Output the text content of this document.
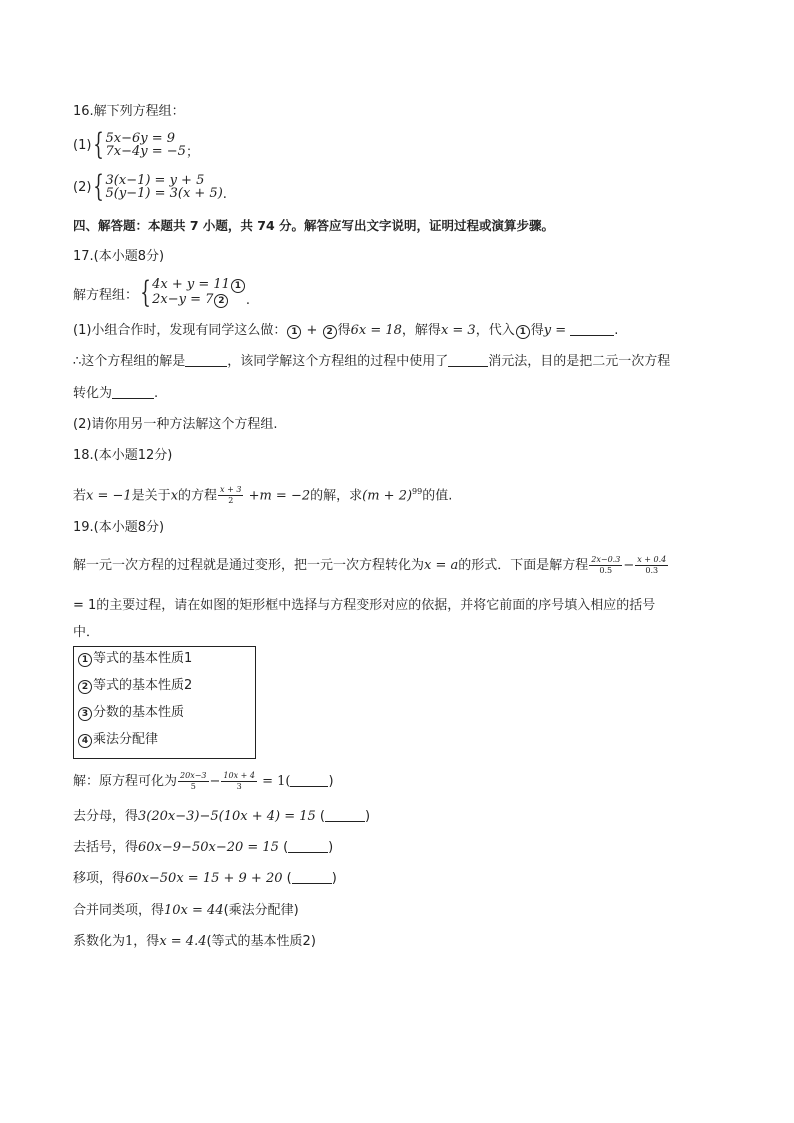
16.解下列方程组：
(1) { 5x−6y = 9
7x−4y = −5 ；
(2) { 3(x−1) = y + 5
5(y−1) = 3(x + 5) .
四、解答题：本题共 7 小题，共 74 分。解答应写出文字说明，证明过程或演算步骤。
17.(本小题8分)
解方程组： { 4x + y = 11 1
2x−y = 7 2	.
(1)小组合作时，发现有同学这么做： 1 + 2 得6x = 18，解得x = 3，代入 1 得y =	.
∴这个方程组的解是	，该同学解这个方程组的过程中使用了	消元法，目的是把二元一次方程
转化为	.
(2)请你用另一种方法解这个方程组.
18.(本小题12分)
若x = −1是关于x的方程 $\frac{x + 3}{2} +m = -2$的解，求$(m + 2)^{99}$的值.
19.(本小题8分)
解一元一次方程的过程就是通过变形，把一元一次方程转化为x = a的形式．下面是解方程 $\frac{2x-0.3}{0.5} - \frac{x + 0.4}{0.3}$
= 1的主要过程，请在如图的矩形框中选择与方程变形对应的依据，并将它前面的序号填入相应的括号
中．
1 等式的基本性质1
2 等式的基本性质2
3 分数的基本性质
4 乘法分配律
解：原方程可化为 $\frac{20x-3}{5} - \frac{10x + 4}{3} = 1$(	)
去分母，得3(20x−3)−5(10x + 4) = 15 (	)
去括号，得60x−9−50x−20 = 15 (	)
移项，得60x−50x = 15 + 9 + 20 (	)
合并同类项，得10x = 44(乘法分配律)
系数化为1，得x = 4.4(等式的基本性质2)
